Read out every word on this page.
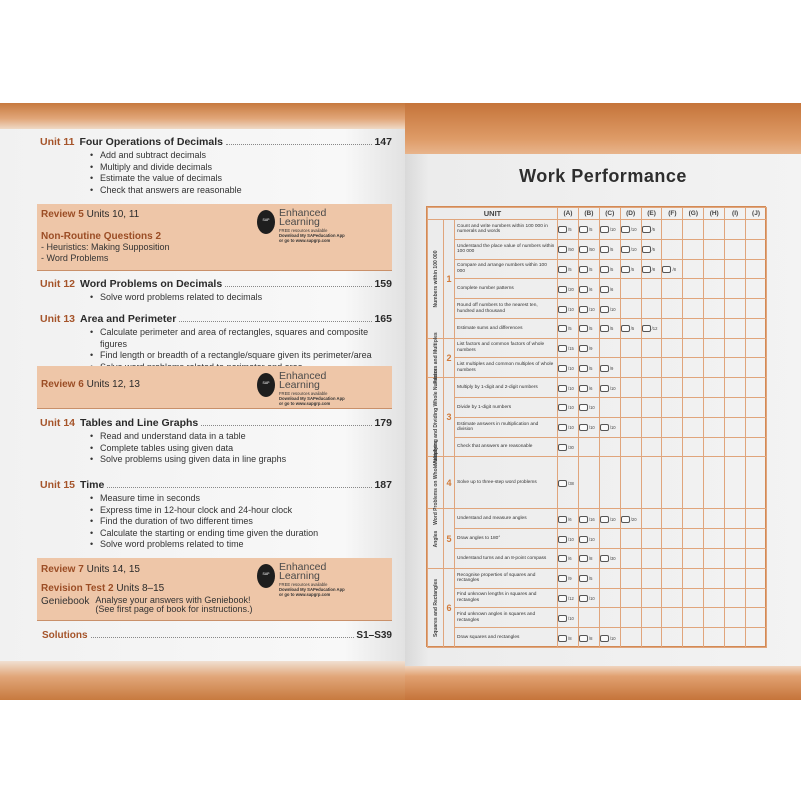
Unit 11 Four Operations of Decimals	147
• Add and subtract decimals
• Multiply and divide decimals
• Estimate the value of decimals
• Check that answers are reasonable
Review 5 Units 10, 11
Non-Routine Questions 2
- Heuristics: Making Supposition
- Word Problems
SAP
Enhanced
Learning
FREE resources available
Download My SAPeducation App
or go to www.sapgrp.com
Unit 12 Word Problems on Decimals	159
• Solve word problems related to decimals
Unit 13 Area and Perimeter	165
• Calculate perimeter and area of rectangles, squares and composite figures
• Find length or breadth of a rectangle/square given its perimeter/area
•
Review 6 Units 12, 13	SAP
Enhanced
Learning
FREE resources available
Download My SAPeducation App
or go to www.sapgrp.com
Unit 14 Tables and Line Graphs	179
• Read and understand data in a table
• Complete tables using given data
• Solve problems using given data in line graphs
Unit 15 Time	187
• Measure time in seconds
• Express time in 12-hour clock and 24-hour clock
• Find the duration of two different times
• Calculate the starting or ending time given the duration
• Solve word problems related to time
Review 7 Units 14, 15
Revision Test 2 Units 8–15
Geniebook Analyse your answers with Geniebook!
(See first page of book for instructions.)
SAP
Enhanced
Learning
FREE resources available
Download My SAPeducation App
or go to www.sapgrp.com
Solutions	S1–S39
Work Performance
UNIT			(A)	(B)	(C)	(D)	(E)	(F)	(G)	(H)	(I)	(J)

Numbers within 100 000	1	Count and write numbers within 100 000 in numerals and words	/5	/5	/10	/10	/5					

		Understand the place value of numbers within 100 000	/50	/50	/5	/10	/5					

		Compare and arrange numbers within 100 000	/5	/5	/5	/5	/8	/8				

		Complete number patterns	/20	/6	/6							

		Round off numbers to the nearest ten, hundred and thousand	/10	/10	/10							

		Estimate sums and differences	/5	/5	/5	/5	/12					

Factors and Multiples	2	List factors and common factors of whole numbers	/15	/9								

		List multiples and common multiples of whole numbers	/10	/5	/9							

Multiplying and Dividing Whole Numbers	3	Multiply by 1-digit and 2-digit numbers	/10	/6	/10							

		Divide by 1-digit numbers	/10	/10								

		Estimate answers in multiplication and division	/10	/10	/10							

		Check that answers are reasonable	/30									

Word Problems on Whole Numbers	4	Solve up to three-step word problems	/38									

Angles	5	Understand and measure angles	/6	/16	/10	/20						

		Draw angles to 180°	/10	/10								

		Understand turns and an 8-point compass	/6	/8	/30							

Squares and Rectangles	6	Recognise properties of squares and rectangles	/9	/5								

		Find unknown lengths in squares and rectangles	/12	/10								

		Find unknown angles in squares and rectangles	/10									

		Draw squares and rectangles	/8	/8	/10							
